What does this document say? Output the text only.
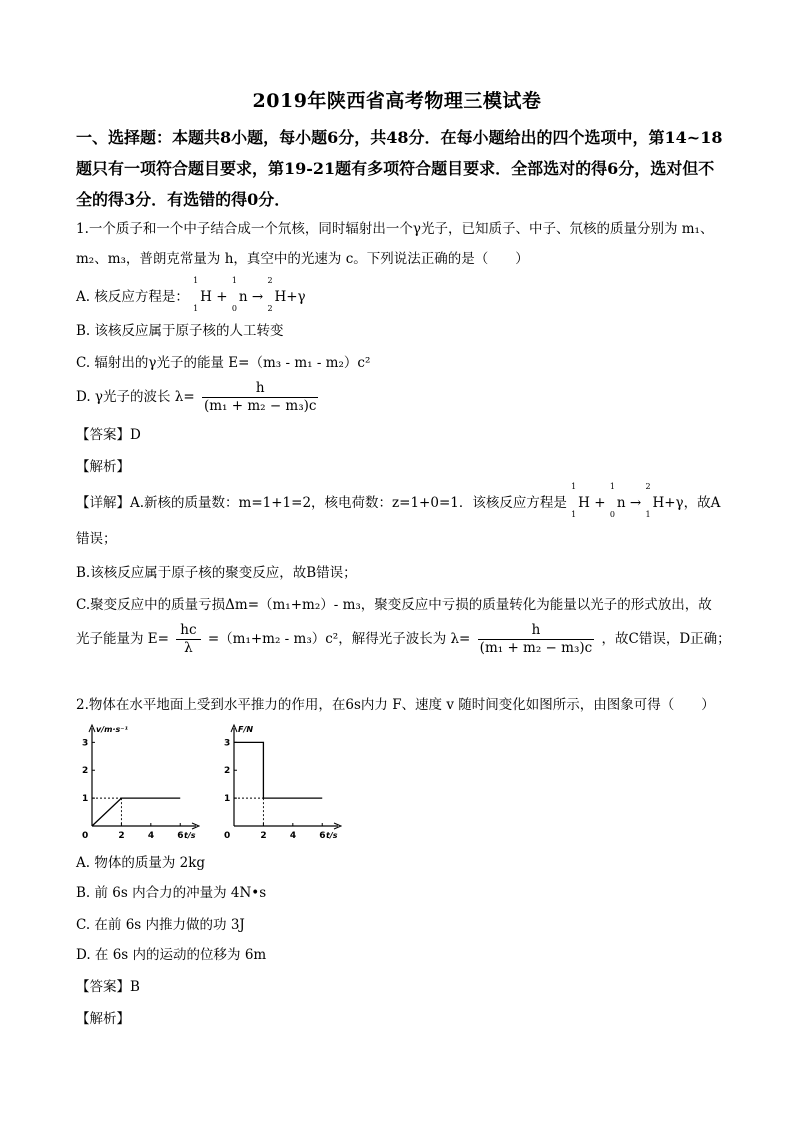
2019年陕西省高考物理三模试卷
一、选择题：本题共8小题，每小题6分，共48分．在每小题给出的四个选项中，第14~18题只有一项符合题目要求，第19-21题有多项符合题目要求．全部选对的得6分，选对但不全的得3分．有选错的得0分．
1.一个质子和一个中子结合成一个氘核，同时辐射出一个γ光子，已知质子、中子、氘核的质量分别为 m₁、
m₂、m₃，普朗克常量为 h，真空中的光速为 c。下列说法正确的是（　　）
A. 核反应方程是：
1
1
H +
1
0
n →
2
2
H+γ
B. 该核反应属于原子核的人工转变
C. 辐射出的γ光子的能量 E=（m₃ - m₁ - m₂）c²
D. γ光子的波长 $\lambda= \frac{h}{\text{(m₁ + m₂ − m₃)c}}$
【答案】D
【解析】
【详解】A.新核的质量数：m=1+1=2，核电荷数：z=1+0=1．该核反应方程是
1
1
H +
1
0
n →
2
1
H+γ，故A
错误；
B.该核反应属于原子核的聚变反应，故B错误；
C.聚变反应中的质量亏损Δm=（m₁+m₂）- m₃，聚变反应中亏损的质量转化为能量以光子的形式放出，故
光子能量为 $E= \frac{hc}{\lambda} =(m_1+m_2 - m_3)c^2$，解得光子波长为 $\lambda= \frac{h}{\text{(m₁ + m₂ − m₃)c}}$ ，故C错误，D正确；
2.物体在水平地面上受到水平推力的作用，在6s内力 F、速度 v 随时间变化如图所示，由图象可得（　　）
v/m·s⁻¹
t/s
0	2	4	6
1
2
3
F/N
t/s
0	2	4	6
1
2
3
A. 物体的质量为 2kg
B. 前 6s 内合力的冲量为 4N•s
C. 在前 6s 内推力做的功 3J
D. 在 6s 内的运动的位移为 6m
【答案】B
【解析】
